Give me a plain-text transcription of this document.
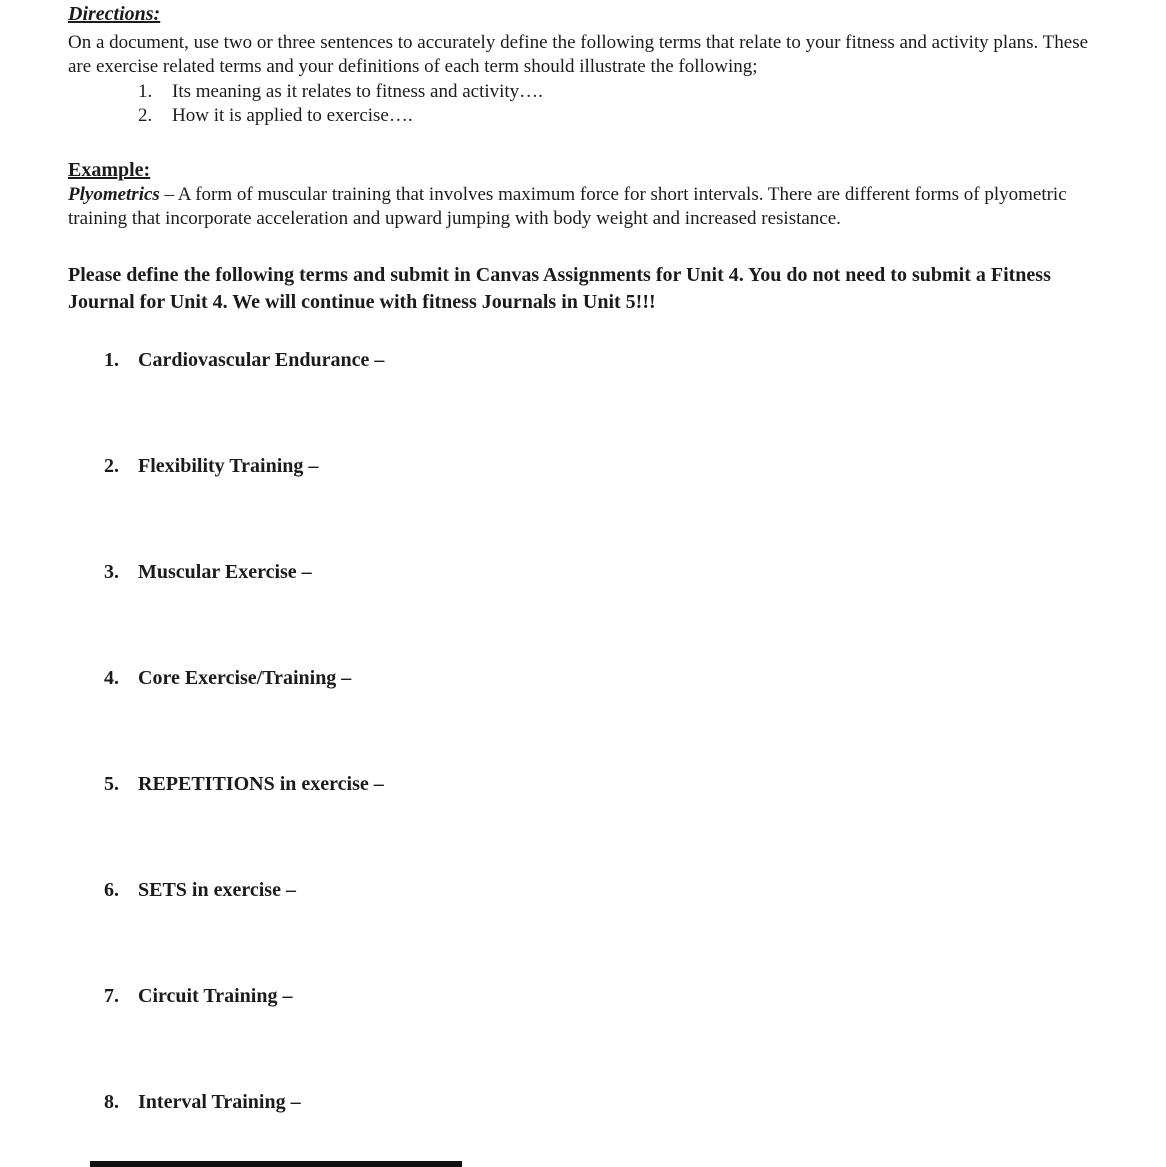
Directions:

On a document, use two or three sentences to accurately define the following terms that relate to your fitness and activity plans. These are exercise related terms and your definitions of each term should illustrate the following;

1.	Its meaning as it relates to fitness and activity….
2.	How it is applied to exercise….
Example:

Plyometrics – A form of muscular training that involves maximum force for short intervals. There are different forms of plyometric training that incorporate acceleration and upward jumping with body weight and increased resistance.

Please define the following terms and submit in Canvas Assignments for Unit 4. You do not need to submit a Fitness Journal for Unit 4. We will continue with fitness Journals in Unit 5!!!

1. Cardiovascular Endurance –
2. Flexibility Training –
3. Muscular Exercise –
4. Core Exercise/Training –
5. REPETITIONS in exercise –
6. SETS in exercise –
7. Circuit Training –
8. Interval Training –
